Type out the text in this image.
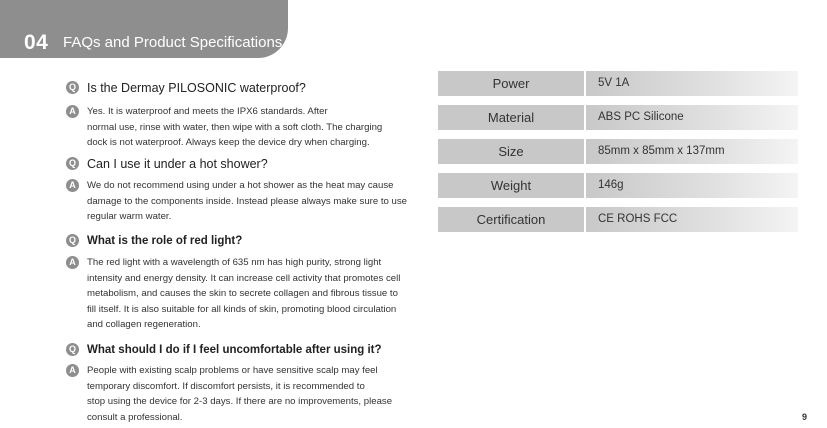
04 FAQs and Product Specifications
Q Is the Dermay PILOSONIC waterproof?
A	Yes. It is waterproof and meets the IPX6 standards. After
normal use, rinse with water, then wipe with a soft cloth. The charging
dock is not waterproof. Always keep the device dry when charging.
Q Can I use it under a hot shower?
A	We do not recommend using under a hot shower as the heat may cause
damage to the components inside. Instead please always make sure to use
regular warm water.
Q What is the role of red light?
A	The red light with a wavelength of 635 nm has high purity, strong light
intensity and energy density. It can increase cell activity that promotes cell
metabolism, and causes the skin to secrete collagen and fibrous tissue to
fill itself. It is also suitable for all kinds of skin, promoting blood circulation
and collagen regeneration.
Q What should I do if I feel uncomfortable after using it?
A	People with existing scalp problems or have sensitive scalp may feel
temporary discomfort. If discomfort persists, it is recommended to
stop using the device for 2-3 days. If there are no improvements, please
consult a professional.
Power	5V 1A
Material	ABS PC Silicone
Size	85mm x 85mm x 137mm
Weight	146g
Certification	CE ROHS FCC
9
